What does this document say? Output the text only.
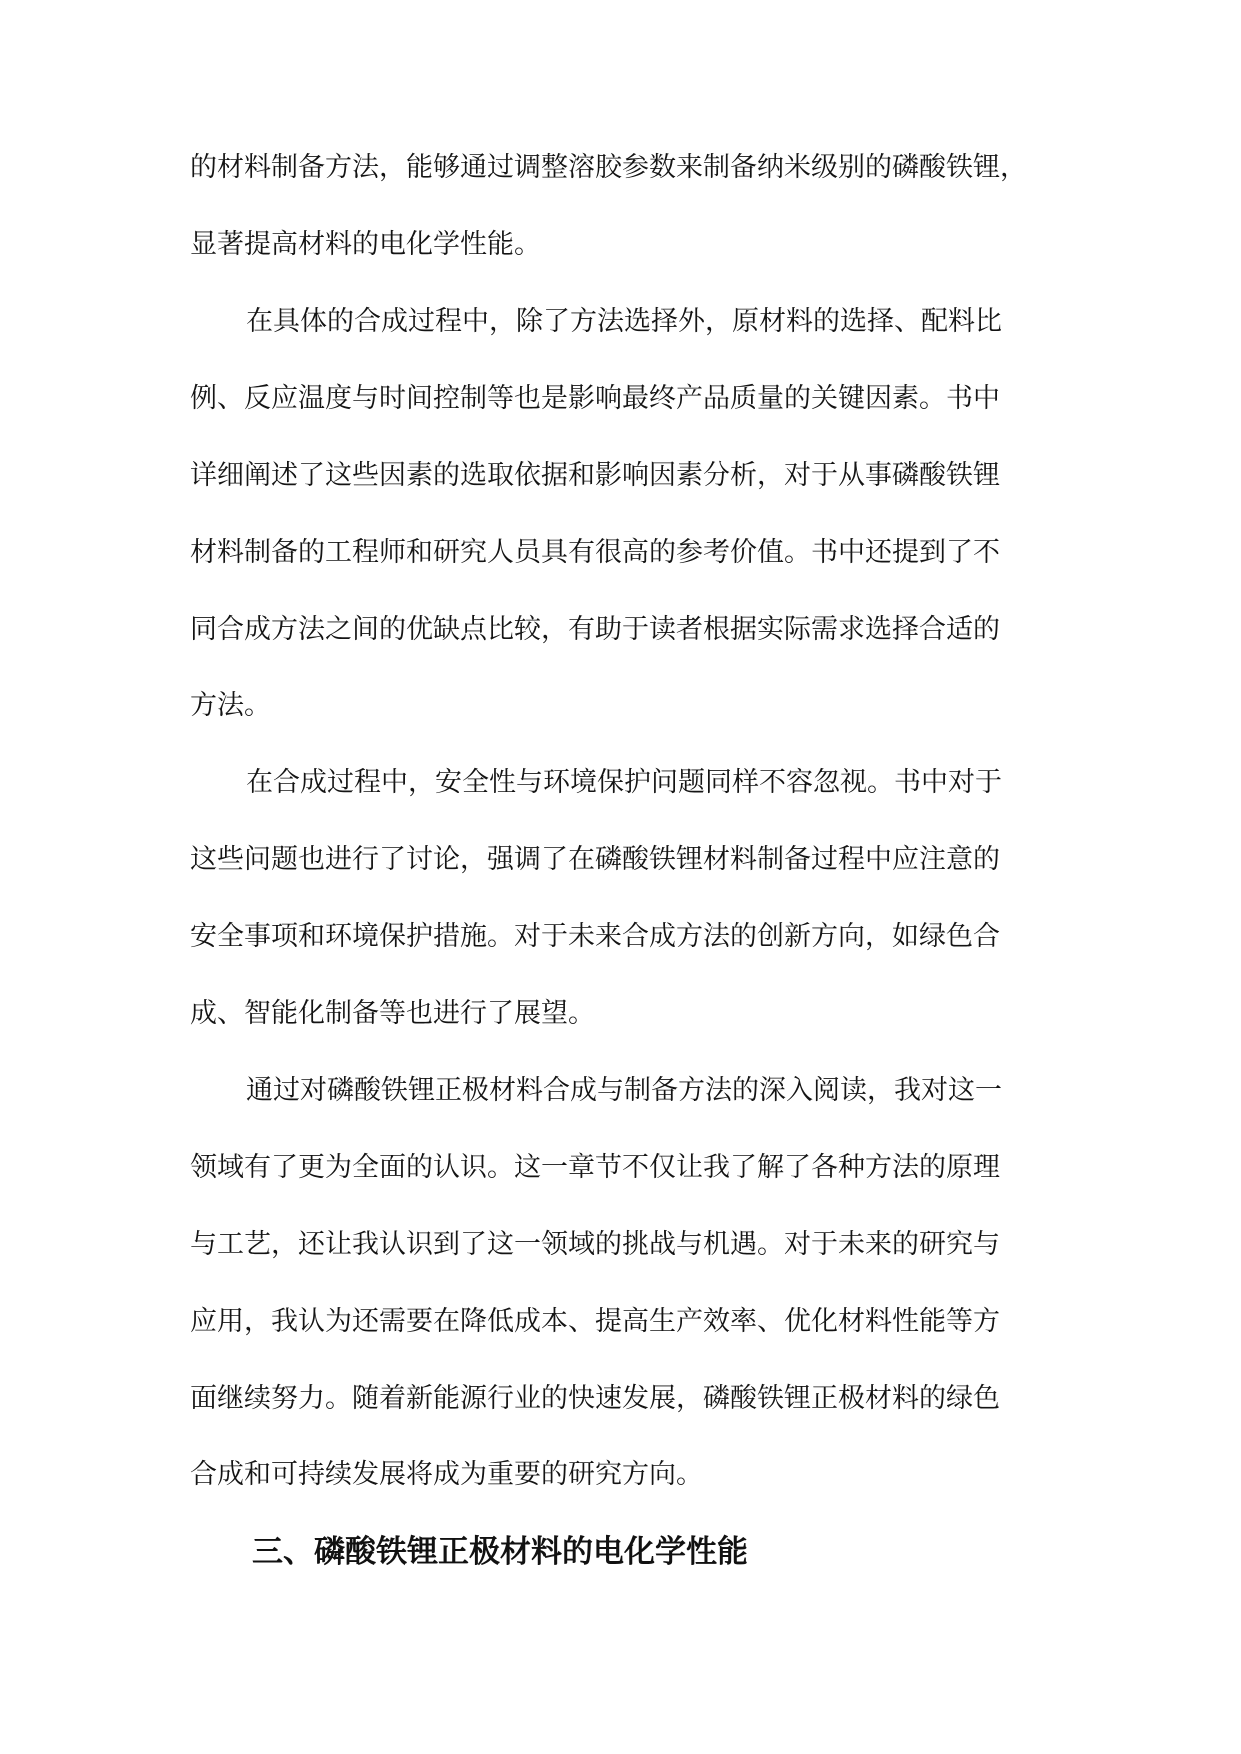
的材料制备方法，能够通过调整溶胶参数来制备纳米级别的磷酸铁锂，
显著提高材料的电化学性能。
在具体的合成过程中，除了方法选择外，原材料的选择、配料比
例、反应温度与时间控制等也是影响最终产品质量的关键因素。书中
详细阐述了这些因素的选取依据和影响因素分析，对于从事磷酸铁锂
材料制备的工程师和研究人员具有很高的参考价值。书中还提到了不
同合成方法之间的优缺点比较，有助于读者根据实际需求选择合适的
方法。
在合成过程中，安全性与环境保护问题同样不容忽视。书中对于
这些问题也进行了讨论，强调了在磷酸铁锂材料制备过程中应注意的
安全事项和环境保护措施。对于未来合成方法的创新方向，如绿色合
成、智能化制备等也进行了展望。
通过对磷酸铁锂正极材料合成与制备方法的深入阅读，我对这一
领域有了更为全面的认识。这一章节不仅让我了解了各种方法的原理
与工艺，还让我认识到了这一领域的挑战与机遇。对于未来的研究与
应用，我认为还需要在降低成本、提高生产效率、优化材料性能等方
面继续努力。随着新能源行业的快速发展，磷酸铁锂正极材料的绿色
合成和可持续发展将成为重要的研究方向。
三、磷酸铁锂正极材料的电化学性能
